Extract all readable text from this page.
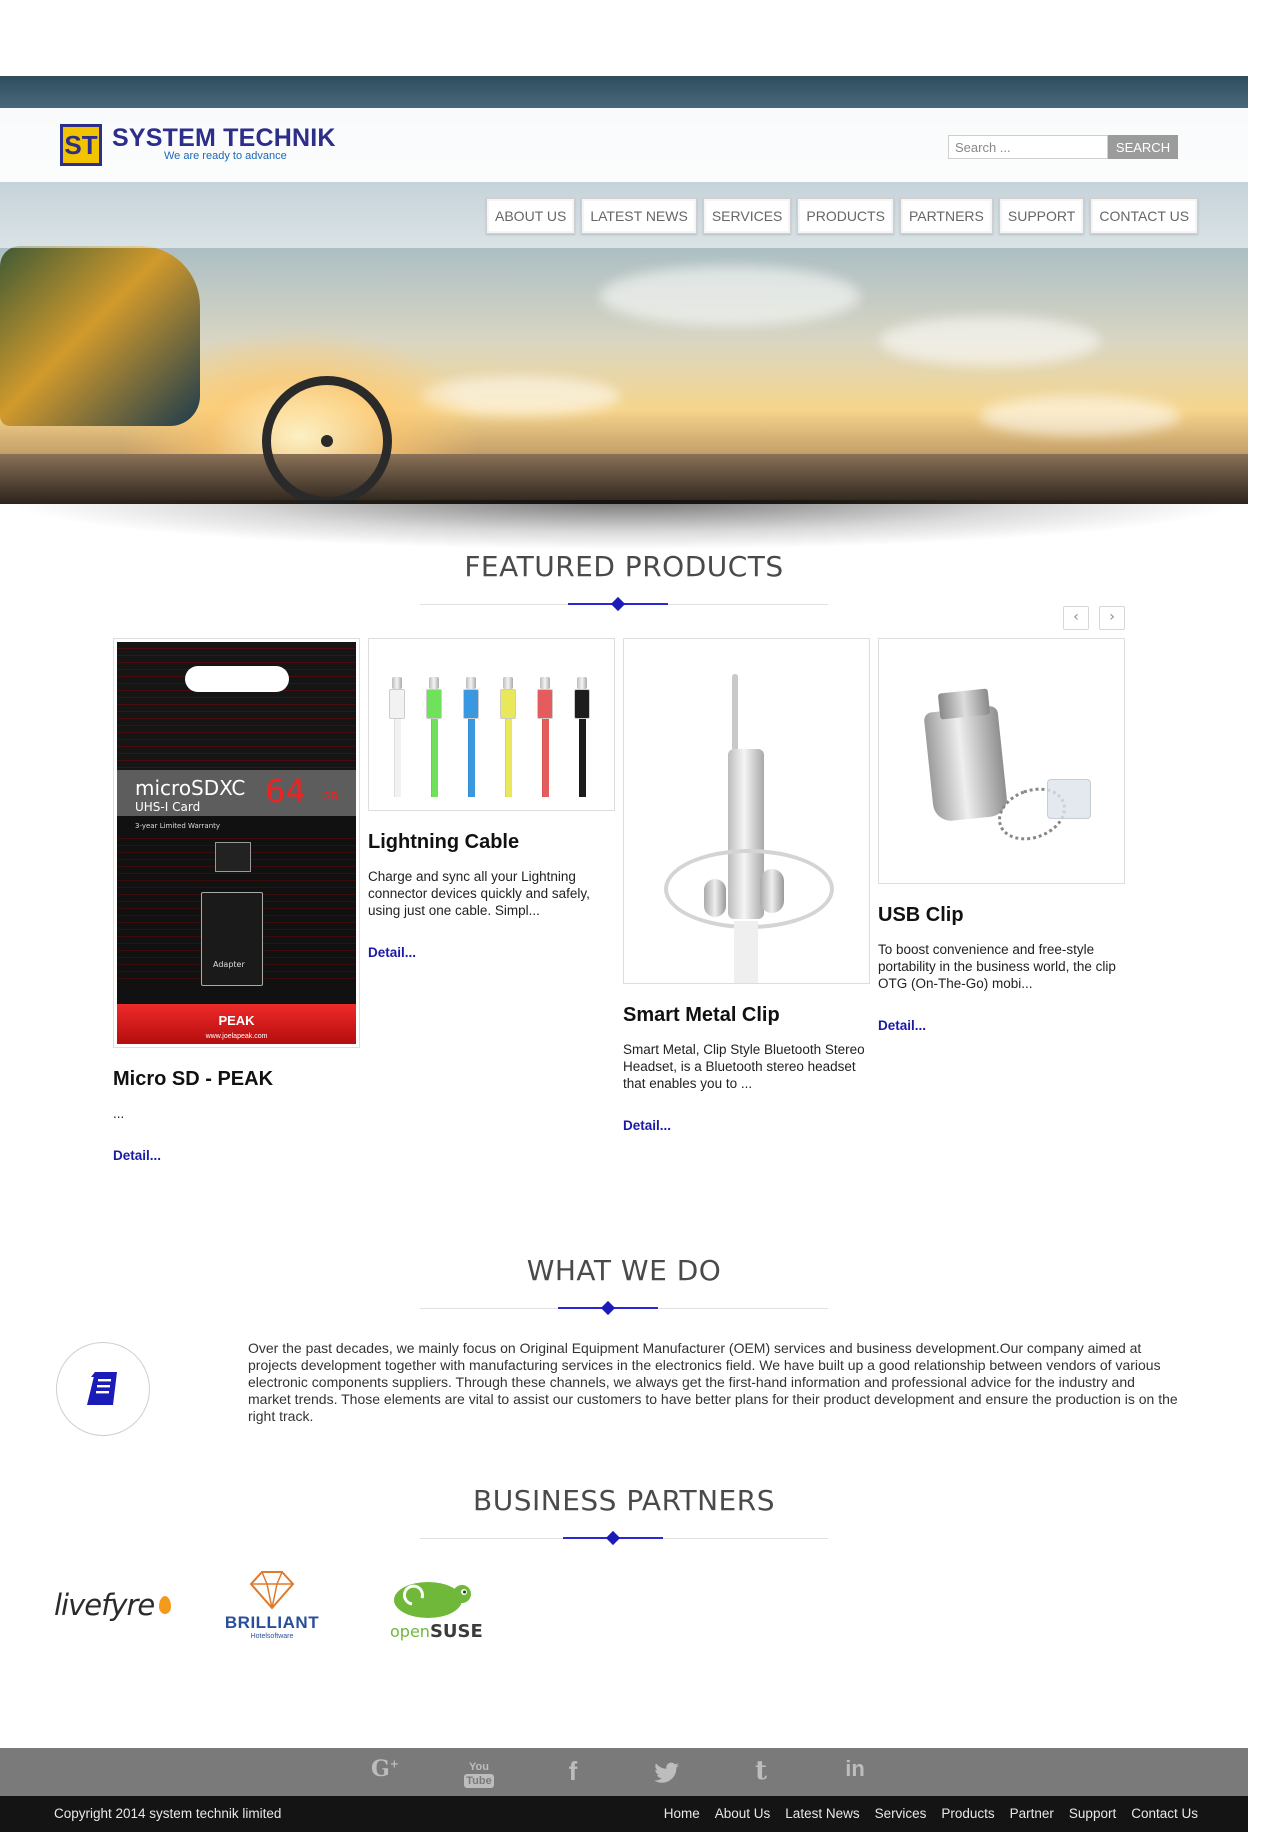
ST SYSTEM TECHNIK
We are ready to advance
Search ...
SEARCH
ABOUT US	LATEST NEWS	SERVICES	PRODUCTS	PARTNERS	SUPPORT	CONTACT US
FEATURED PRODUCTS
‹	›
microSDXC
UHS-I Card 64 GB
3-year Limited Warranty
Adapter
PEAK
www.joelapeak.com

Micro SD - PEAK

...

Detail...

Lightning Cable

Charge and sync all your Lightning connector devices quickly and safely, using just one cable. Simpl...

Detail...

Smart Metal Clip

Smart Metal, Clip Style Bluetooth Stereo Headset, is a Bluetooth stereo headset that enables you to ...

Detail...

USB Clip

To boost convenience and free-style portability in the business world, the clip OTG (On-The-Go) mobi...

Detail...
WHAT WE DO

Over the past decades, we mainly focus on Original Equipment Manufacturer (OEM) services and business development.Our company aimed at projects development together with manufacturing services in the electronics field. We have built up a good relationship between vendors of various electronic components suppliers. Through these channels, we always get the first-hand information and professional advice for the industry and market trends. Those elements are vital to assist our customers to have better plans for their product development and ensure the production is on the right track.

BUSINESS PARTNERS
livefyre
BRILLIANT
Hotelsoftware	openSUSE
G+	You
Tube	f	t	in
Copyright 2014 system technik limited	Home About Us Latest News Services Products Partner Support Contact Us
